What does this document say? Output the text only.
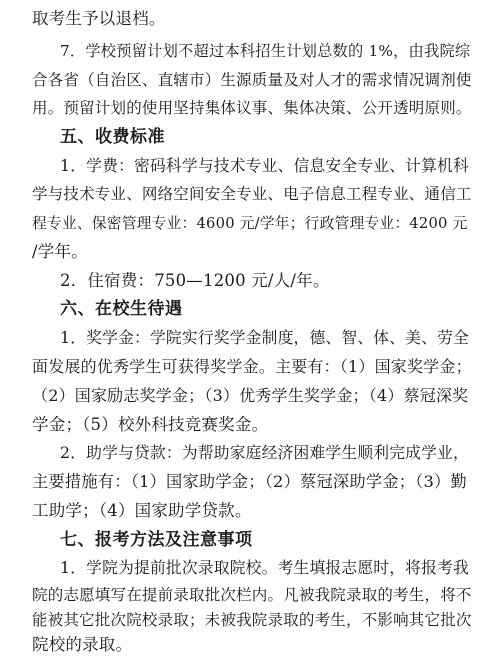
取考生予以退档。
7．学校预留计划不超过本科招生计划总数的 1%，由我院综
合各省（自治区、直辖市）生源质量及对人才的需求情况调剂使
用。预留计划的使用坚持集体议事、集体决策、公开透明原则。
五、收费标准
1．学费：密码科学与技术专业、信息安全专业、计算机科
学与技术专业、网络空间安全专业、电子信息工程专业、通信工
程专业、保密管理专业：4600 元/学年；行政管理专业：4200 元
/学年。
2．住宿费：750—1200 元/人/年。
六、在校生待遇
1．奖学金：学院实行奖学金制度，德、智、体、美、劳全
面发展的优秀学生可获得奖学金。主要有：（1）国家奖学金；
（2）国家励志奖学金；（3）优秀学生奖学金；（4）蔡冠深奖
学金；（5）校外科技竞赛奖金。
2．助学与贷款：为帮助家庭经济困难学生顺利完成学业，
主要措施有：（1）国家助学金；（2）蔡冠深助学金；（3）勤
工助学；（4）国家助学贷款。
七、报考方法及注意事项
1．学院为提前批次录取院校。考生填报志愿时，将报考我
院的志愿填写在提前录取批次栏内。凡被我院录取的考生，将不
能被其它批次院校录取；未被我院录取的考生，不影响其它批次
院校的录取。
